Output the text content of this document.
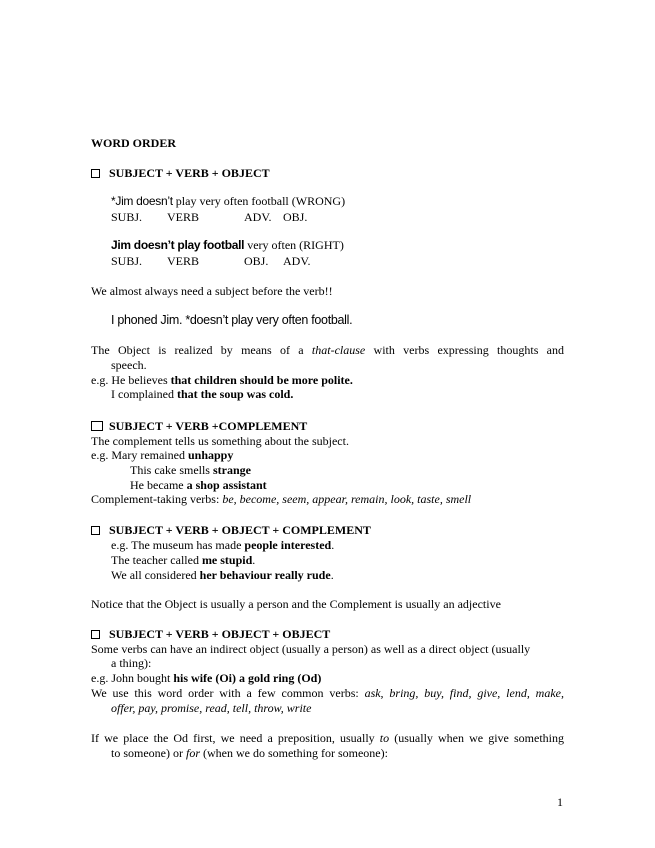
WORD ORDER
SUBJECT + VERB + OBJECT
*Jim doesn’t play very often football (WRONG)
SUBJ. VERB	ADV. OBJ.
Jim doesn’t play football very often (RIGHT)
SUBJ. VERB	OBJ. ADV.
We almost always need a subject before the verb!!
I phoned Jim. *doesn’t play very often football.
The Object is realized by means of a that-clause with verbs expressing thoughts and
speech.
e.g. He believes that children should be more polite.
I complained that the soup was cold.
SUBJECT + VERB +COMPLEMENT
The complement tells us something about the subject.
e.g. Mary remained unhappy
This cake smells strange
He became a shop assistant
Complement-taking verbs: be, become, seem, appear, remain, look, taste, smell
SUBJECT + VERB + OBJECT + COMPLEMENT
e.g. The museum has made people interested.
The teacher called me stupid.
We all considered her behaviour really rude.
Notice that the Object is usually a person and the Complement is usually an adjective
SUBJECT + VERB + OBJECT + OBJECT
Some verbs can have an indirect object (usually a person) as well as a direct object (usually
a thing):
e.g. John bought his wife (Oi) a gold ring (Od)
We use this word order with a few common verbs: ask, bring, buy, find, give, lend, make,
offer, pay, promise, read, tell, throw, write
If we place the Od first, we need a preposition, usually to (usually when we give something
to someone) or for (when we do something for someone):
1
